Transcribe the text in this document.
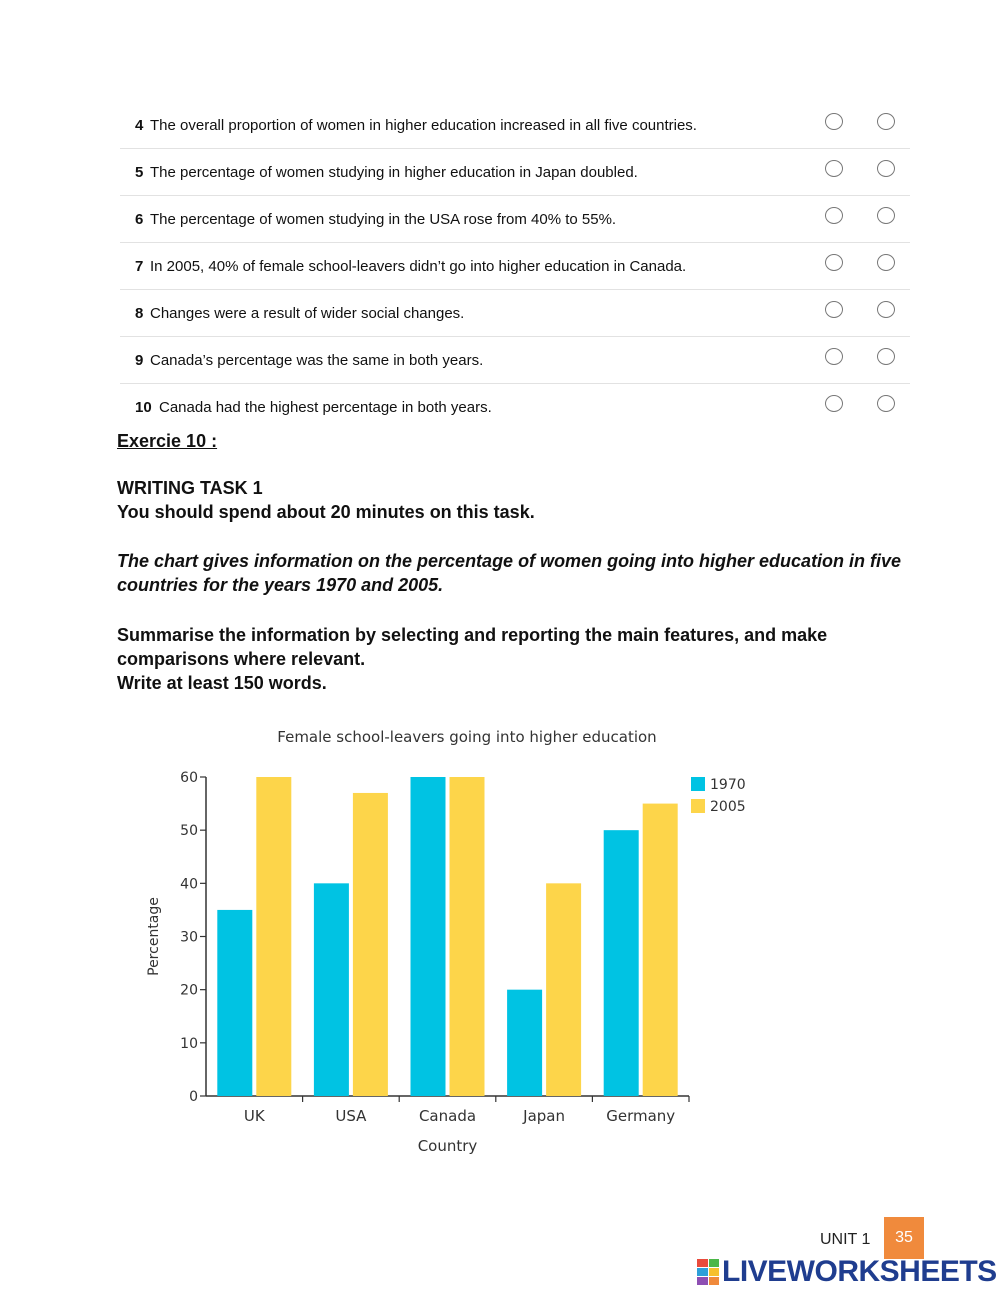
4 The overall proportion of women in higher education increased in all five countries.
5 The percentage of women studying in higher education in Japan doubled.
6 The percentage of women studying in the USA rose from 40% to 55%.
7 In 2005, 40% of female school-leavers didn’t go into higher education in Canada.
8 Changes were a result of wider social changes.
9 Canada’s percentage was the same in both years.
10 Canada had the highest percentage in both years.
Exercie 10 :

WRITING TASK 1

You should spend about 20 minutes on this task.

The chart gives information on the percentage of women going into higher education in five countries for the years 1970 and 2005.

Summarise the information by selecting and reporting the main features, and make comparisons where relevant.

Write at least 150 words.

Female school-leavers going into higher education
0
10
20
30
40
50
60
Percentage
UK	USA	Canada	Japan	Germany
Country
1970
2005
UNIT 1	35
LIVEWORKSHEETS
